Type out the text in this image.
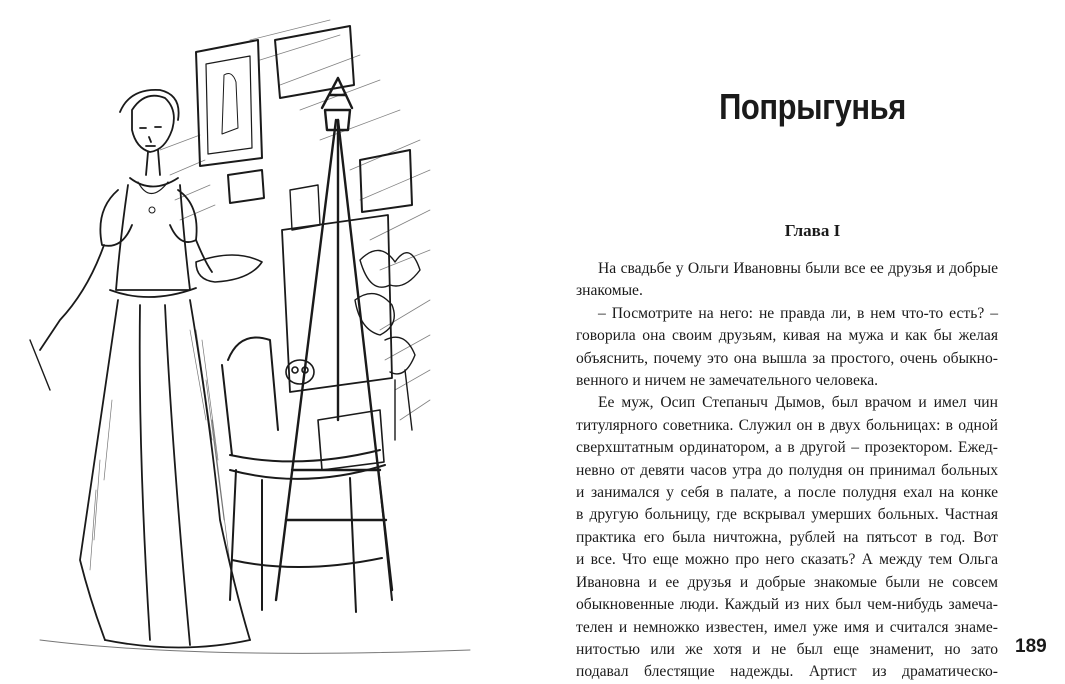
Попрыгунья
Глава I
На свадьбе у Ольги Ивановны были все ее друзья и добрые
знакомые.
– Посмотрите на него: не правда ли, в нем что-то есть? –
говорила она своим друзьям, кивая на мужа и как бы желая
объяснить, почему это она вышла за простого, очень обыкно-
венного и ничем не замечательного человека.
Ее муж, Осип Степаныч Дымов, был врачом и имел чин
титулярного советника. Служил он в двух больницах: в одной
сверхштатным ординатором, а в другой – прозектором. Ежед-
невно от девяти часов утра до полудня он принимал больных
и занимался у себя в палате, а после полудня ехал на конке
в другую больницу, где вскрывал умерших больных. Частная
практика его была ничтожна, рублей на пятьсот в год. Вот
и все. Что еще можно про него сказать? А между тем Ольга
Ивановна и ее друзья и добрые знакомые были не совсем
обыкновенные люди. Каждый из них был чем-нибудь замеча-
телен и немножко известен, имел уже имя и считался знаме-
нитостью или же хотя и не был еще знаменит, но зато
подавал блестящие надежды. Артист из драматическо-
189
